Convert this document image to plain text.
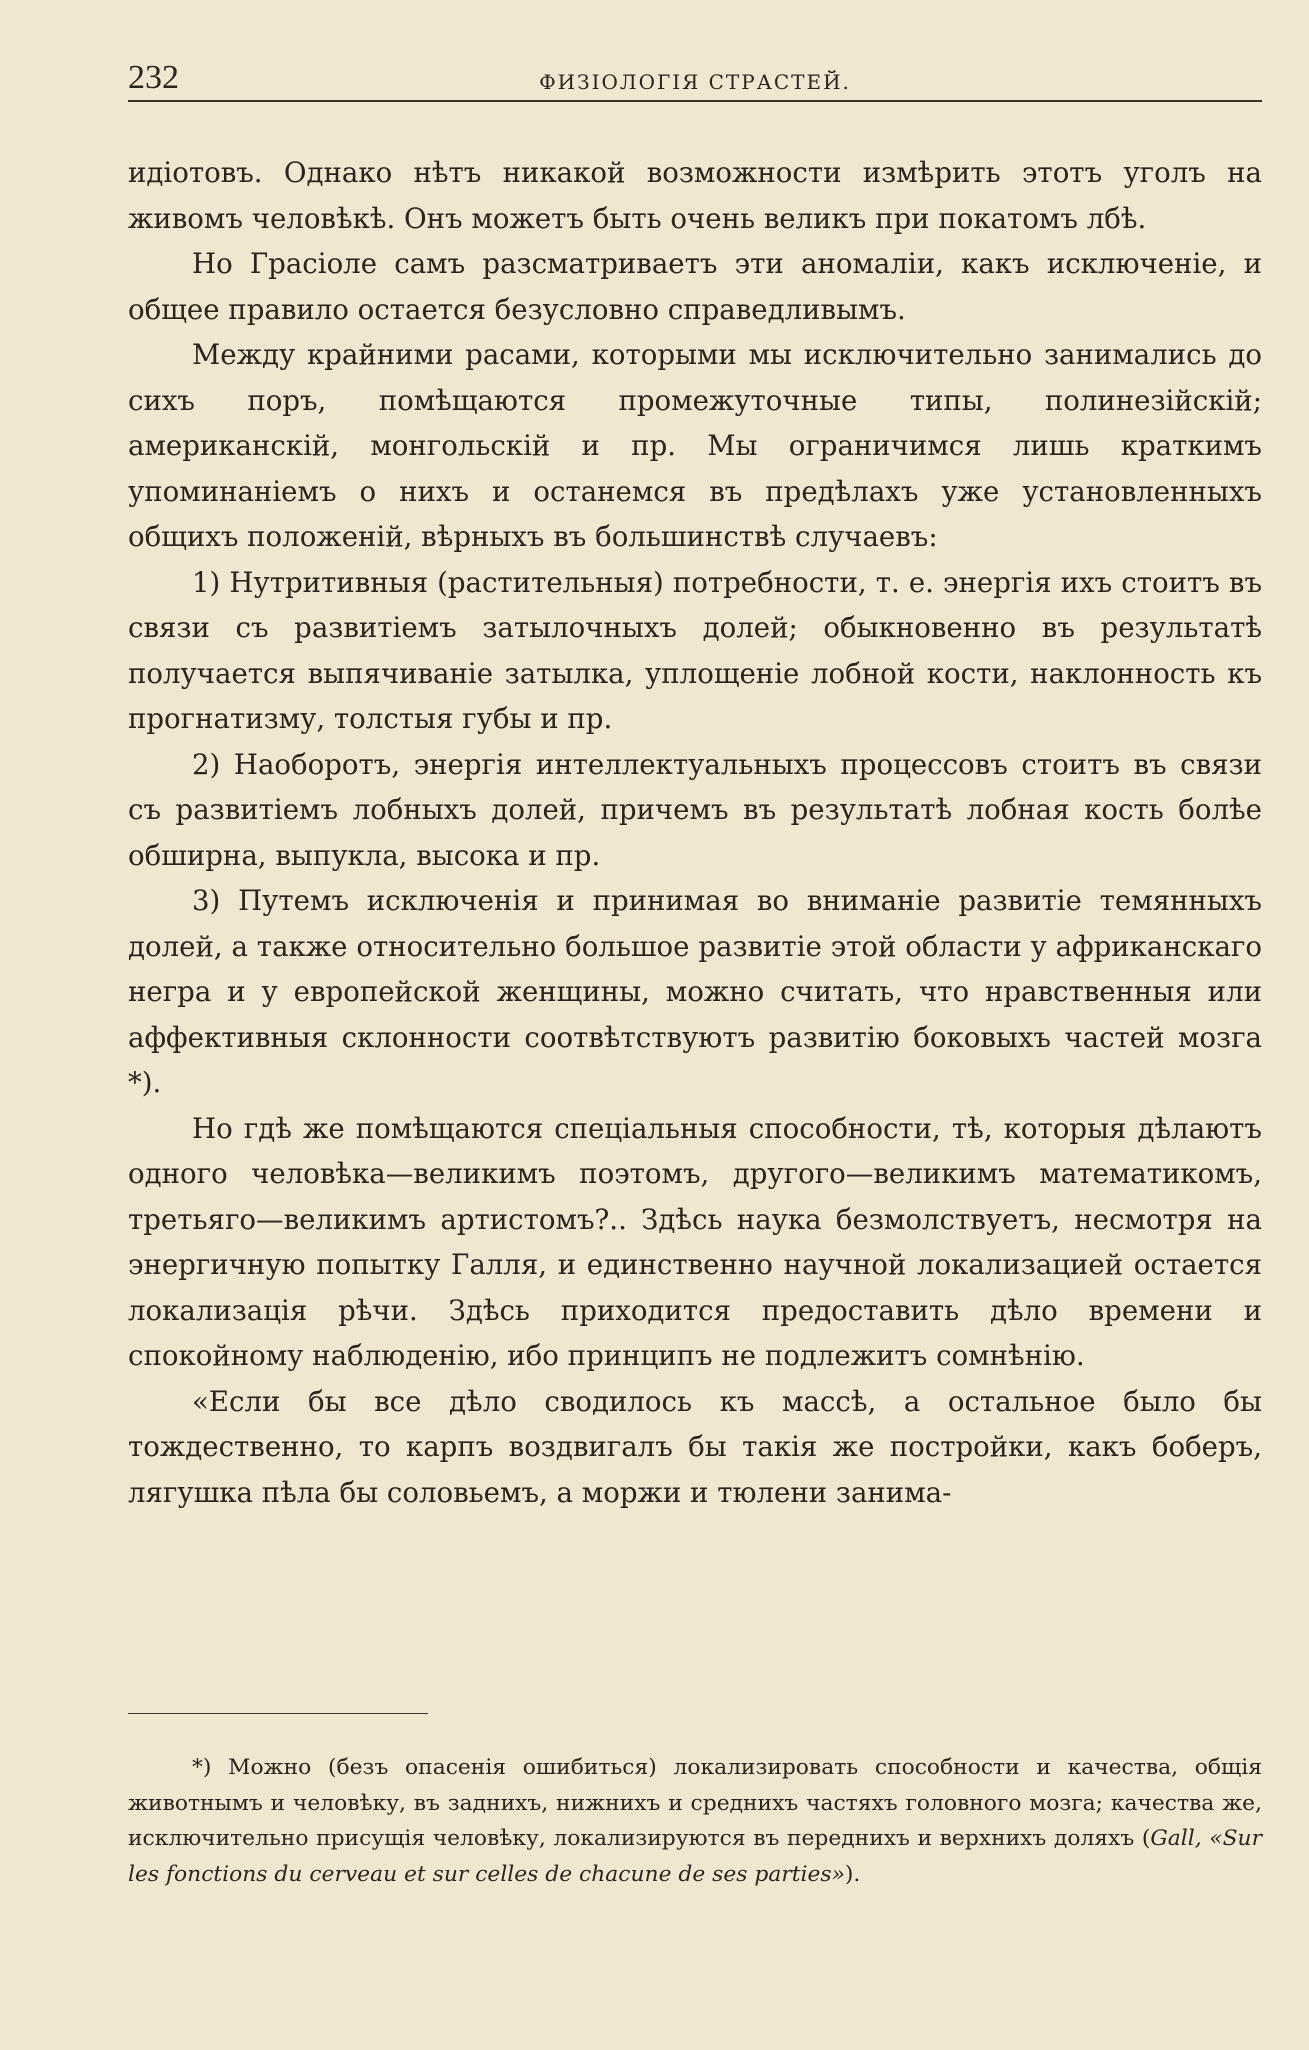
232	ФИЗІОЛОГІЯ СТРАСТЕЙ.

идіотовъ. Однако нѣтъ никакой возможности измѣрить этотъ уголъ на живомъ человѣкѣ. Онъ можетъ быть очень великъ при покатомъ лбѣ.

Но Грасіоле самъ разсматриваетъ эти аномаліи, какъ исключеніе, и общее правило остается безусловно справедливымъ.

Между крайними расами, которыми мы исключительно занимались до сихъ поръ, помѣщаются промежуточные типы, полинезійскій; американскій, монгольскій и пр. Мы ограничимся лишь краткимъ упоминаніемъ о нихъ и останемся въ предѣлахъ уже установленныхъ общихъ положеній, вѣрныхъ въ большинствѣ случаевъ:

1) Нутритивныя (растительныя) потребности, т. е. энергія ихъ стоитъ въ связи съ развитіемъ затылочныхъ долей; обыкновенно въ результатѣ получается выпячиваніе затылка, уплощеніе лобной кости, наклонность къ прогнатизму, толстыя губы и пр.

2) Наоборотъ, энергія интеллектуальныхъ процессовъ стоитъ въ связи съ развитіемъ лобныхъ долей, причемъ въ результатѣ лобная кость болѣе обширна, выпукла, высока и пр.

3) Путемъ исключенія и принимая во вниманіе развитіе темянныхъ долей, а также относительно большое развитіе этой области у африканскаго негра и у европейской женщины, можно считать, что нравственныя или аффективныя склонности соотвѣтствуютъ развитію боковыхъ частей мозга *).

Но гдѣ же помѣщаются спеціальныя способности, тѣ, которыя дѣлаютъ одного человѣка—великимъ поэтомъ, другого—великимъ математикомъ, третьяго—великимъ артистомъ?.. Здѣсь наука безмолствуетъ, несмотря на энергичную попытку Галля, и единственно научной локализацией остается локализація рѣчи. Здѣсь приходится предоставить дѣло времени и спокойному наблюденію, ибо принципъ не подлежитъ сомнѣнію.

«Если бы все дѣло сводилось къ массѣ, а остальное было бы тождественно, то карпъ воздвигалъ бы такія же постройки, какъ боберъ, лягушка пѣла бы соловьемъ, а моржи и тюлени занима-

*) Можно (безъ опасенія ошибиться) локализировать способности и качества, общія животнымъ и человѣку, въ заднихъ, нижнихъ и среднихъ частяхъ головного мозга; качества же, исключительно присущія человѣку, локализируются въ переднихъ и верхнихъ доляхъ (Gall, «Sur les fonctions du cerveau et sur celles de chacune de ses parties»).
